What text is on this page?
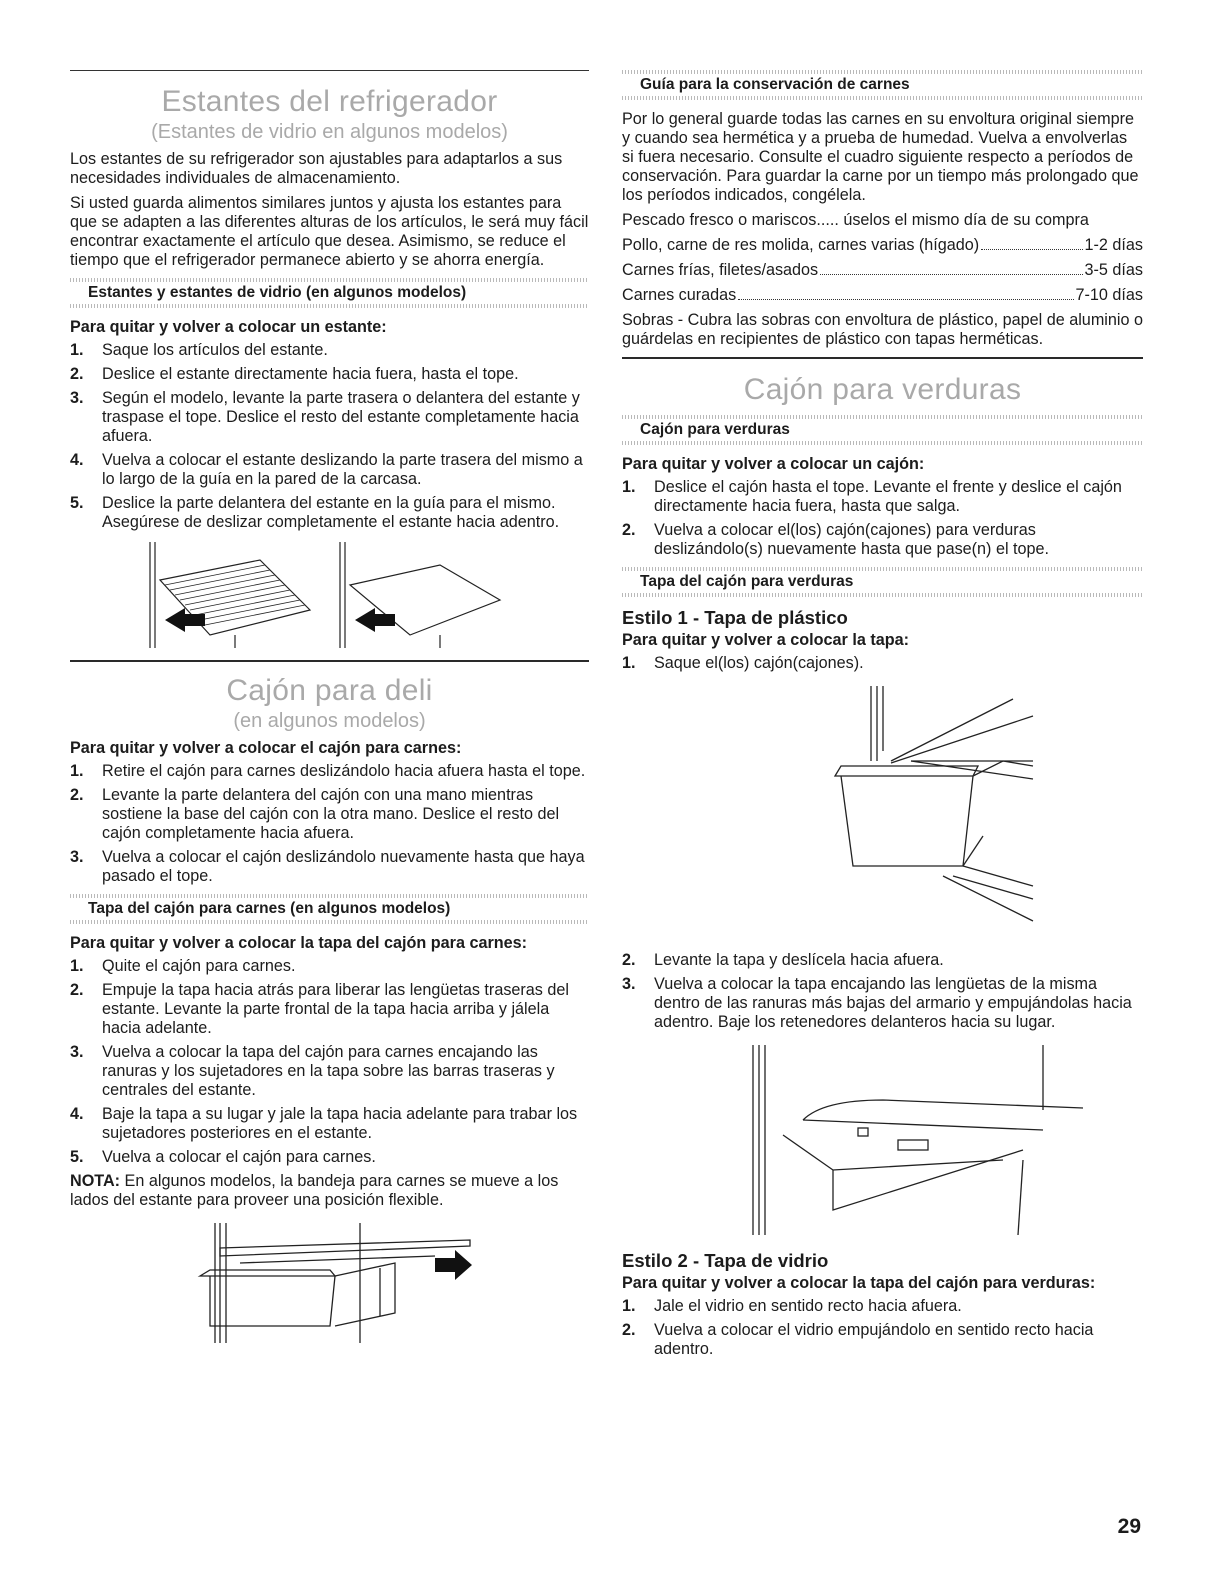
Estantes del refrigerador
(Estantes de vidrio en algunos modelos)

Los estantes de su refrigerador son ajustables para adaptarlos a sus necesidades individuales de almacenamiento.

Si usted guarda alimentos similares juntos y ajusta los estantes para que se adapten a las diferentes alturas de los artículos, le será muy fácil encontrar exactamente el artículo que desea. Asimismo, se reduce el tiempo que el refrigerador permanece abierto y se ahorra energía.

Estantes y estantes de vidrio (en algunos modelos)
Para quitar y volver a colocar un estante:
1. Saque los artículos del estante.
2. Deslice el estante directamente hacia fuera, hasta el tope.
3. Según el modelo, levante la parte trasera o delantera del estante y traspase el tope. Deslice el resto del estante completamente hacia afuera.
4. Vuelva a colocar el estante deslizando la parte trasera del mismo a lo largo de la guía en la pared de la carcasa.
5. Deslice la parte delantera del estante en la guía para el mismo. Asegúrese de deslizar completamente el estante hacia adentro.
Cajón para deli
(en algunos modelos)
Para quitar y volver a colocar el cajón para carnes:
1. Retire el cajón para carnes deslizándolo hacia afuera hasta el tope.
2. Levante la parte delantera del cajón con una mano mientras sostiene la base del cajón con la otra mano. Deslice el resto del cajón completamente hacia afuera.
3. Vuelva a colocar el cajón deslizándolo nuevamente hasta que haya pasado el tope.
Tapa del cajón para carnes (en algunos modelos)
Para quitar y volver a colocar la tapa del cajón para carnes:
1. Quite el cajón para carnes.
2. Empuje la tapa hacia atrás para liberar las lengüetas traseras del estante. Levante la parte frontal de la tapa hacia arriba y jálela hacia adelante.
3. Vuelva a colocar la tapa del cajón para carnes encajando las ranuras y los sujetadores en la tapa sobre las barras traseras y centrales del estante.
4. Baje la tapa a su lugar y jale la tapa hacia adelante para trabar los sujetadores posteriores en el estante.
5. Vuelva a colocar el cajón para carnes.

NOTA: En algunos modelos, la bandeja para carnes se mueve a los lados del estante para proveer una posición flexible.

Guía para la conservación de carnes

Por lo general guarde todas las carnes en su envoltura original siempre y cuando sea hermética y a prueba de humedad. Vuelva a envolverlas si fuera necesario. Consulte el cuadro siguiente respecto a períodos de conservación. Para guardar la carne por un tiempo más prolongado que los períodos indicados, congélela.

Pescado fresco o mariscos..... úselos el mismo día de su compra

Pollo, carne de res molida, carnes varias (hígado)	1-2 días
Carnes frías, filetes/asados	3-5 días
Carnes curadas	7-10 días

Sobras - Cubra las sobras con envoltura de plástico, papel de aluminio o guárdelas en recipientes de plástico con tapas herméticas.

Cajón para verduras
Cajón para verduras
Para quitar y volver a colocar un cajón:
1. Deslice el cajón hasta el tope. Levante el frente y deslice el cajón directamente hacia fuera, hasta que salga.
2. Vuelva a colocar el(los) cajón(cajones) para verduras deslizándolo(s) nuevamente hasta que pase(n) el tope.
Tapa del cajón para verduras
Estilo 1 - Tapa de plástico
Para quitar y volver a colocar la tapa:
1. Saque el(los) cajón(cajones).
2. Levante la tapa y deslícela hacia afuera.
3. Vuelva a colocar la tapa encajando las lengüetas de la misma dentro de las ranuras más bajas del armario y empujándolas hacia adentro. Baje los retenedores delanteros hacia su lugar.
Estilo 2 - Tapa de vidrio
Para quitar y volver a colocar la tapa del cajón para verduras:
1. Jale el vidrio en sentido recto hacia afuera.
2. Vuelva a colocar el vidrio empujándolo en sentido recto hacia adentro.
29
